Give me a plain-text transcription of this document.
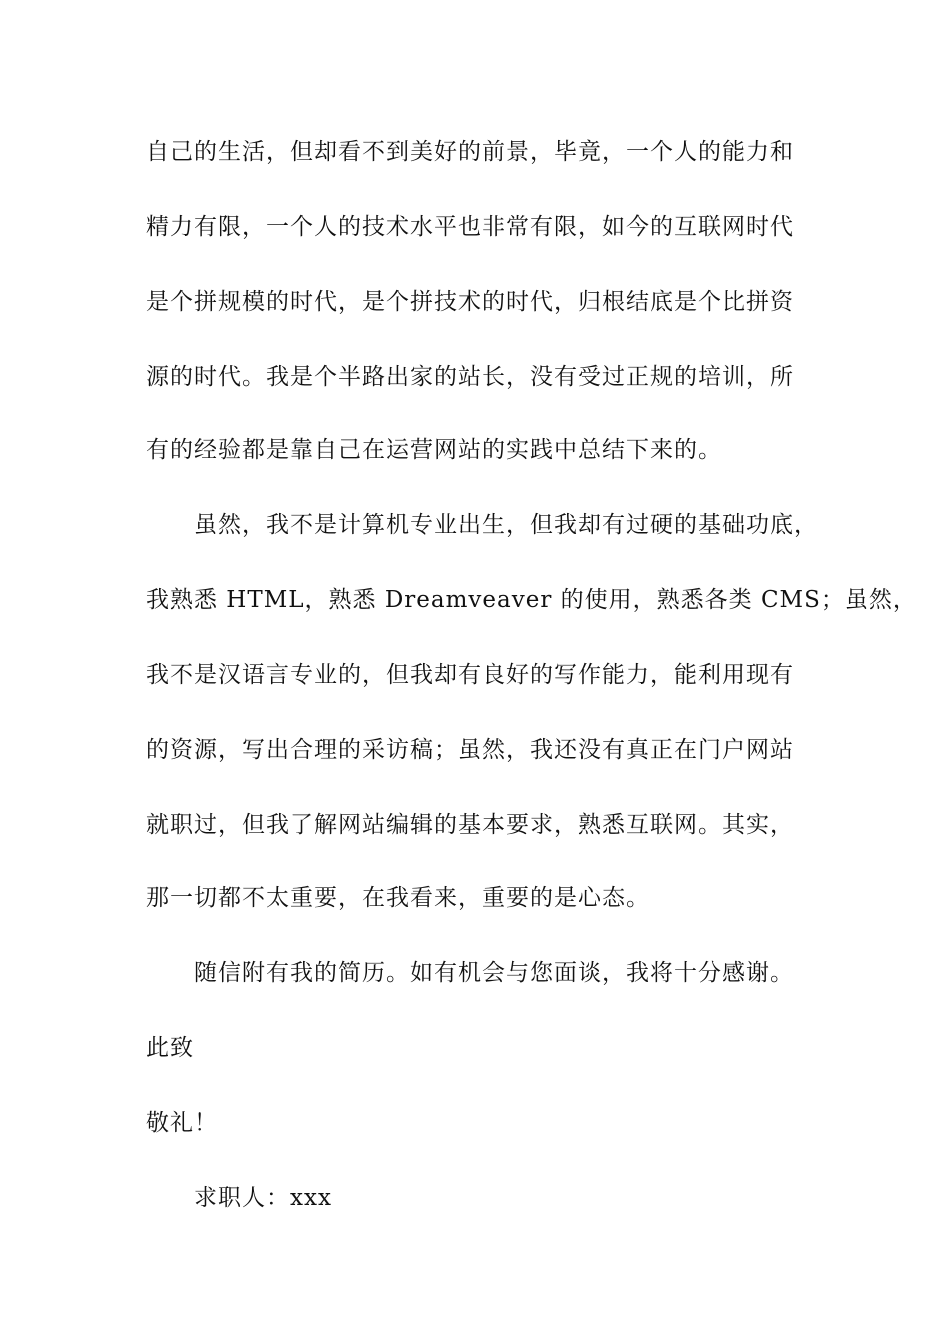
自己的生活，但却看不到美好的前景，毕竟，一个人的能力和
精力有限，一个人的技术水平也非常有限，如今的互联网时代
是个拼规模的时代，是个拼技术的时代，归根结底是个比拼资
源的时代。我是个半路出家的站长，没有受过正规的培训，所
有的经验都是靠自己在运营网站的实践中总结下来的。
虽然，我不是计算机专业出生，但我却有过硬的基础功底，
我熟悉 HTML，熟悉 Dreamveaver 的使用，熟悉各类 CMS；虽然，
我不是汉语言专业的，但我却有良好的写作能力，能利用现有
的资源，写出合理的采访稿；虽然，我还没有真正在门户网站
就职过，但我了解网站编辑的基本要求，熟悉互联网。其实，
那一切都不太重要，在我看来，重要的是心态。
随信附有我的简历。如有机会与您面谈，我将十分感谢。
此致
敬礼！
求职人：xxx
